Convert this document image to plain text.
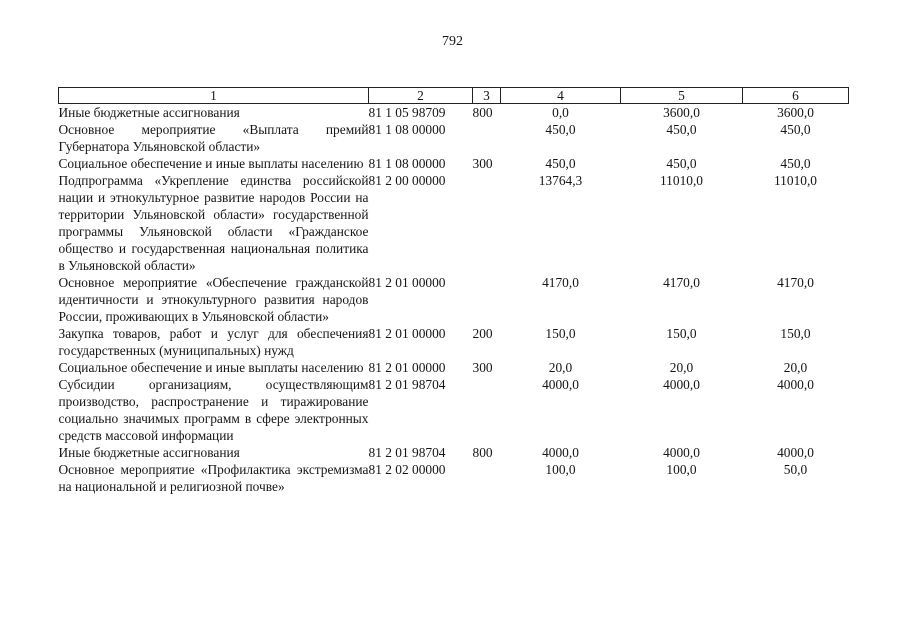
792
1	2	3	4	5	6
Иные бюджетные ассигнования	81 1 05 98709	800	0,0	3600,0	3600,0
Основное мероприятие «Выплата премий Губернатора Ульяновской области»	81 1 08 00000		450,0	450,0	450,0
Социальное обеспечение и иные выплаты населению	81 1 08 00000	300	450,0	450,0	450,0
Подпрограмма «Укрепление единства российской нации и этнокультурное развитие народов России на территории Ульяновской области» государственной программы Ульяновской области «Гражданское общество и государственная национальная политика в Ульяновской области»	81 2 00 00000		13764,3	11010,0	11010,0
Основное мероприятие «Обеспечение гражданской идентичности и этнокультурного развития народов России, проживающих в Ульяновской области»	81 2 01 00000		4170,0	4170,0	4170,0
Закупка товаров, работ и услуг для обеспечения государственных (муниципальных) нужд	81 2 01 00000	200	150,0	150,0	150,0
Социальное обеспечение и иные выплаты населению	81 2 01 00000	300	20,0	20,0	20,0
Субсидии организациям, осуществляющим производство, распространение и тиражирование социально значимых программ в сфере электронных средств массовой информации	81 2 01 98704		4000,0	4000,0	4000,0
Иные бюджетные ассигнования	81 2 01 98704	800	4000,0	4000,0	4000,0
Основное мероприятие «Профилактика экстремизма на национальной и религиозной почве»	81 2 02 00000		100,0	100,0	50,0
